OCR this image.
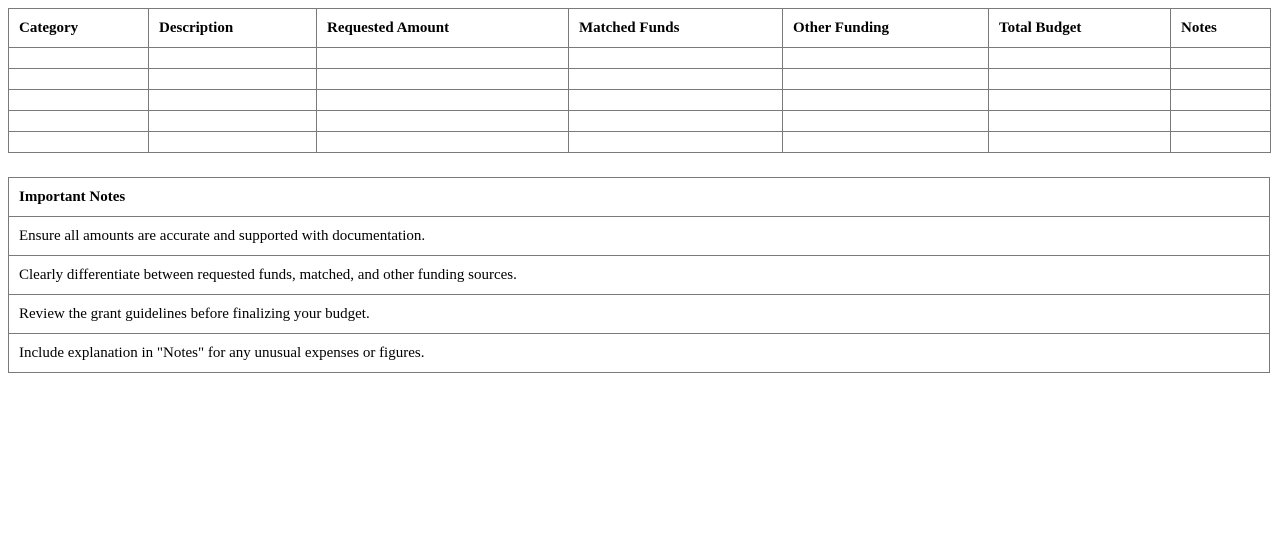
Category	Description	Requested Amount	Matched Funds	Other Funding	Total Budget	Notes

Important Notes
Ensure all amounts are accurate and supported with documentation.
Clearly differentiate between requested funds, matched, and other funding sources.
Review the grant guidelines before finalizing your budget.
Include explanation in "Notes" for any unusual expenses or figures.
